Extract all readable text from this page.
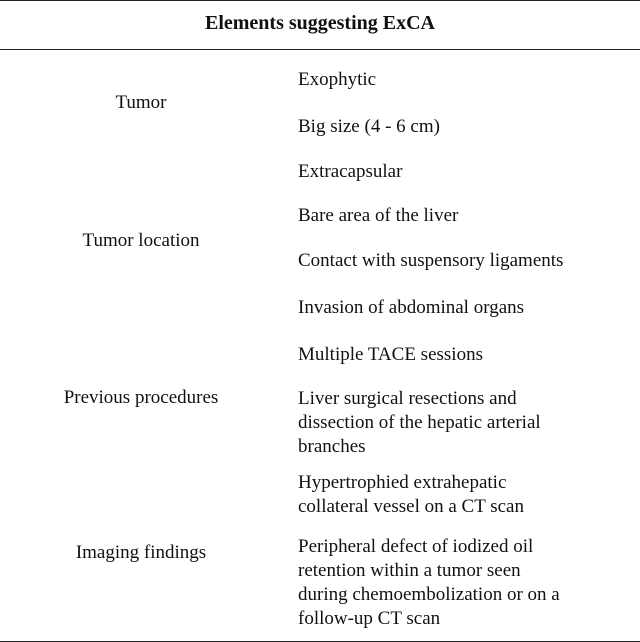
Elements suggesting ExCA
Tumor
Tumor location
Previous procedures
Imaging findings
Exophytic
Big size (4 - 6 cm)
Extracapsular
Bare area of the liver
Contact with suspensory ligaments
Invasion of abdominal organs
Multiple TACE sessions
Liver surgical resections and
dissection of the hepatic arterial
branches
Hypertrophied extrahepatic
collateral vessel on a CT scan
Peripheral defect of iodized oil
retention within a tumor seen
during chemoembolization or on a
follow-up CT scan
